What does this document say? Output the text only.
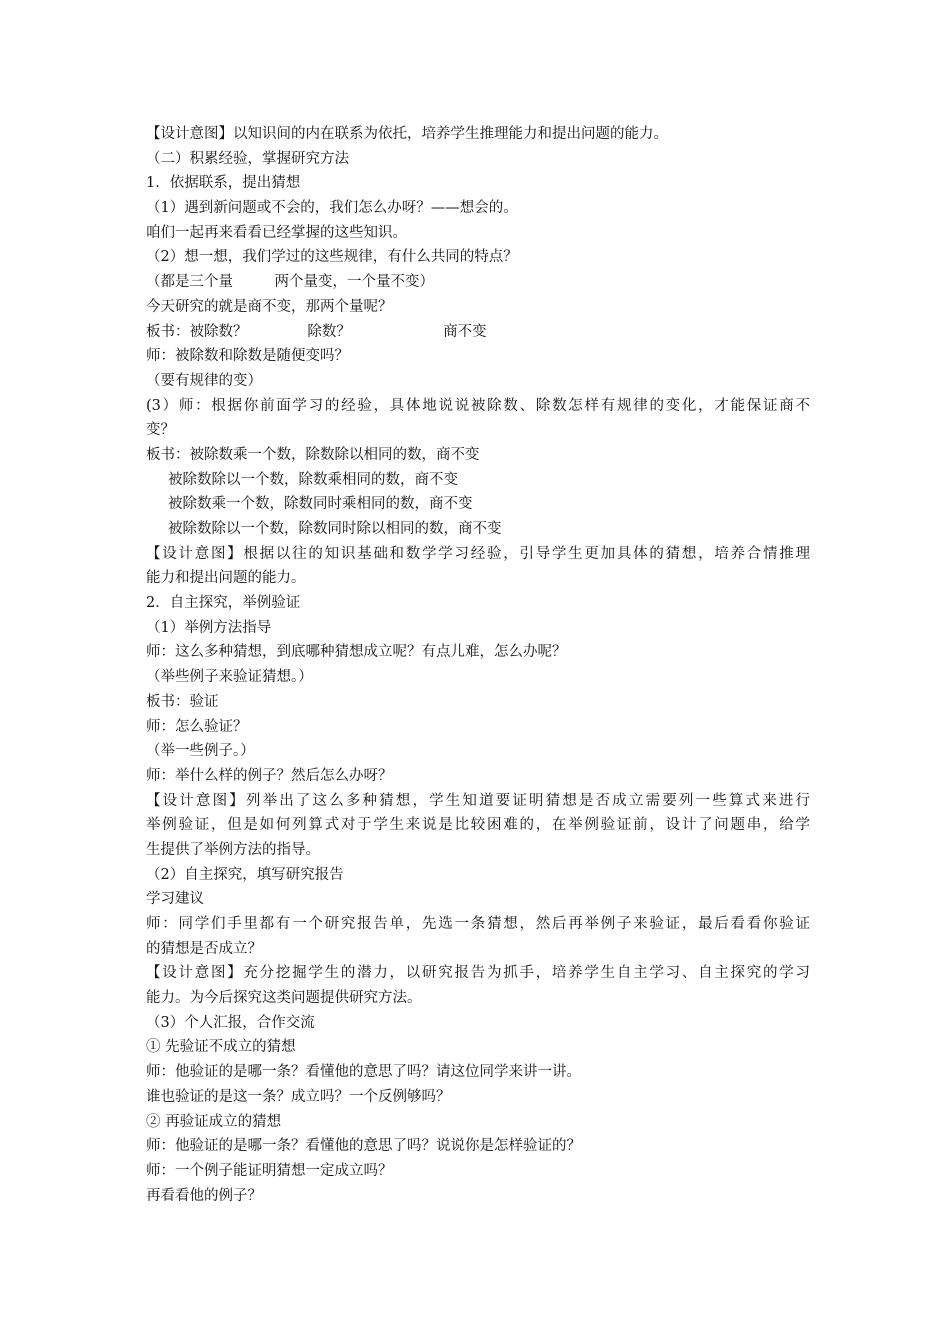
【设计意图】以知识间的内在联系为依托，培养学生推理能力和提出问题的能力。
（二）积累经验，掌握研究方法
1．依据联系，提出猜想
（1）遇到新问题或不会的，我们怎么办呀？——想会的。
咱们一起再来看看已经掌握的这些知识。
（2）想一想，我们学过的这些规律，有什么共同的特点？
（都是三个量         两个量变，一个量不变）
今天研究的就是商不变，那两个量呢？
板书：被除数？             除数？                    商不变
师：被除数和除数是随便变吗？
（要有规律的变）
(3）师：根据你前面学习的经验，具体地说说被除数、除数怎样有规律的变化，才能保证商不
变？
板书：被除数乘一个数，除数除以相同的数，商不变
被除数除以一个数，除数乘相同的数，商不变
被除数乘一个数，除数同时乘相同的数，商不变
被除数除以一个数，除数同时除以相同的数，商不变
【设计意图】根据以往的知识基础和数学学习经验，引导学生更加具体的猜想，培养合情推理
能力和提出问题的能力。
2．自主探究，举例验证
（1）举例方法指导
师：这么多种猜想，到底哪种猜想成立呢？有点儿难，怎么办呢？
（举些例子来验证猜想。）
板书：验证
师：怎么验证？
（举一些例子。）
师：举什么样的例子？然后怎么办呀？
【设计意图】列举出了这么多种猜想，学生知道要证明猜想是否成立需要列一些算式来进行
举例验证，但是如何列算式对于学生来说是比较困难的，在举例验证前，设计了问题串，给学
生提供了举例方法的指导。
（2）自主探究，填写研究报告
学习建议
师：同学们手里都有一个研究报告单，先选一条猜想，然后再举例子来验证，最后看看你验证
的猜想是否成立？
【设计意图】充分挖掘学生的潜力，以研究报告为抓手，培养学生自主学习、自主探究的学习
能力。为今后探究这类问题提供研究方法。
（3）个人汇报，合作交流
① 先验证不成立的猜想
师：他验证的是哪一条？看懂他的意思了吗？请这位同学来讲一讲。
谁也验证的是这一条？成立吗？一个反例够吗？
② 再验证成立的猜想
师：他验证的是哪一条？看懂他的意思了吗？说说你是怎样验证的？
师：一个例子能证明猜想一定成立吗？
再看看他的例子？
